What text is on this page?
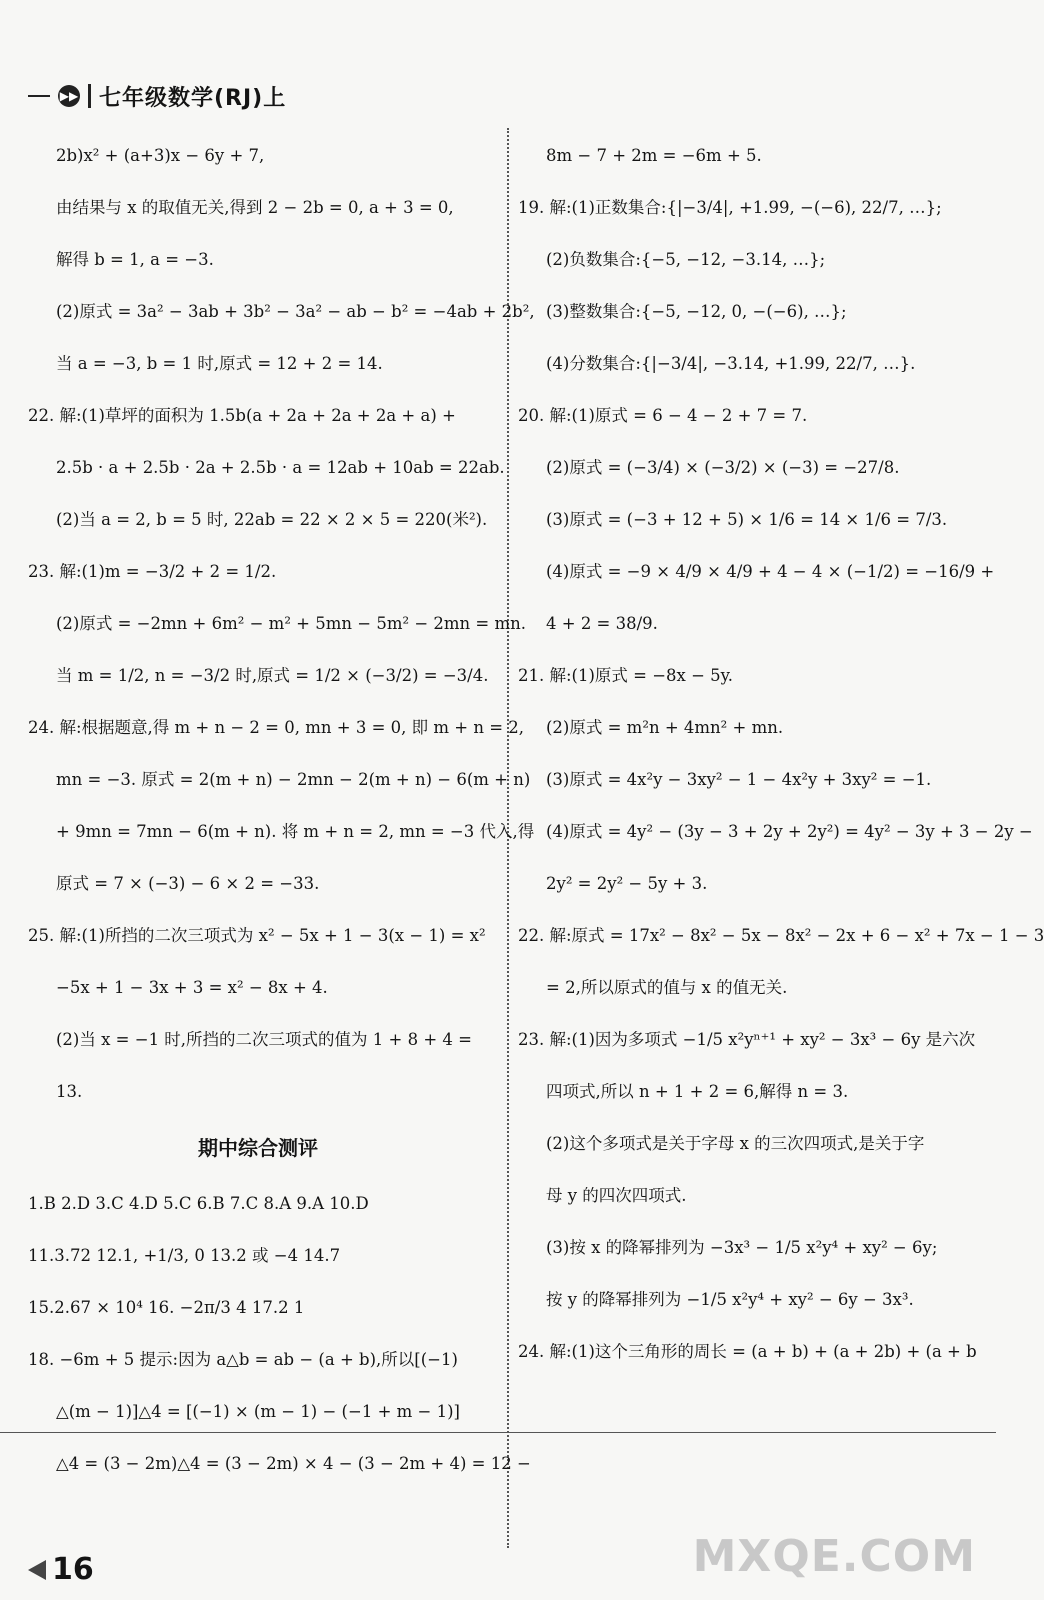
▶▶ 七年级数学(RJ)上
2b)x² + (a+3)x − 6y + 7,
由结果与 x 的取值无关,得到 2 − 2b = 0, a + 3 = 0,
解得 b = 1, a = −3.
(2)原式 = 3a² − 3ab + 3b² − 3a² − ab − b² = −4ab + 2b²,
当 a = −3, b = 1 时,原式 = 12 + 2 = 14.
22. 解:(1)草坪的面积为 1.5b(a + 2a + 2a + 2a + a) +
2.5b · a + 2.5b · 2a + 2.5b · a = 12ab + 10ab = 22ab.
(2)当 a = 2, b = 5 时, 22ab = 22 × 2 × 5 = 220(米²).
23. 解:(1)m = −3/2 + 2 = 1/2.
(2)原式 = −2mn + 6m² − m² + 5mn − 5m² − 2mn = mn.
当 m = 1/2, n = −3/2 时,原式 = 1/2 × (−3/2) = −3/4.
24. 解:根据题意,得 m + n − 2 = 0, mn + 3 = 0, 即 m + n = 2,
mn = −3. 原式 = 2(m + n) − 2mn − 2(m + n) − 6(m + n)
+ 9mn = 7mn − 6(m + n). 将 m + n = 2, mn = −3 代入,得
原式 = 7 × (−3) − 6 × 2 = −33.
25. 解:(1)所挡的二次三项式为 x² − 5x + 1 − 3(x − 1) = x²
−5x + 1 − 3x + 3 = x² − 8x + 4.
(2)当 x = −1 时,所挡的二次三项式的值为 1 + 8 + 4 =
13.
期中综合测评
1.B 2.D 3.C 4.D 5.C 6.B 7.C 8.A 9.A 10.D
11.3.72 12.1, +1/3, 0 13.2 或 −4 14.7
15.2.67 × 10⁴ 16. −2π/3 4 17.2 1
18. −6m + 5 提示:因为 a△b = ab − (a + b),所以[(−1)
△(m − 1)]△4 = [(−1) × (m − 1) − (−1 + m − 1)]
△4 = (3 − 2m)△4 = (3 − 2m) × 4 − (3 − 2m + 4) = 12 −
8m − 7 + 2m = −6m + 5.
19. 解:(1)正数集合:{|−3/4|, +1.99, −(−6), 22/7, …};
(2)负数集合:{−5, −12, −3.14, …};
(3)整数集合:{−5, −12, 0, −(−6), …};
(4)分数集合:{|−3/4|, −3.14, +1.99, 22/7, …}.
20. 解:(1)原式 = 6 − 4 − 2 + 7 = 7.
(2)原式 = (−3/4) × (−3/2) × (−3) = −27/8.
(3)原式 = (−3 + 12 + 5) × 1/6 = 14 × 1/6 = 7/3.
(4)原式 = −9 × 4/9 × 4/9 + 4 − 4 × (−1/2) = −16/9 +
4 + 2 = 38/9.
21. 解:(1)原式 = −8x − 5y.
(2)原式 = m²n + 4mn² + mn.
(3)原式 = 4x²y − 3xy² − 1 − 4x²y + 3xy² = −1.
(4)原式 = 4y² − (3y − 3 + 2y + 2y²) = 4y² − 3y + 3 − 2y −
2y² = 2y² − 5y + 3.
22. 解:原式 = 17x² − 8x² − 5x − 8x² − 2x + 6 − x² + 7x − 1 − 3
= 2,所以原式的值与 x 的值无关.
23. 解:(1)因为多项式 −1/5 x²yⁿ⁺¹ + xy² − 3x³ − 6y 是六次
四项式,所以 n + 1 + 2 = 6,解得 n = 3.
(2)这个多项式是关于字母 x 的三次四项式,是关于字
母 y 的四次四项式.
(3)按 x 的降幂排列为 −3x³ − 1/5 x²y⁴ + xy² − 6y;
按 y 的降幂排列为 −1/5 x²y⁴ + xy² − 6y − 3x³.
24. 解:(1)这个三角形的周长 = (a + b) + (a + 2b) + (a + b
16	MXQE.COM
